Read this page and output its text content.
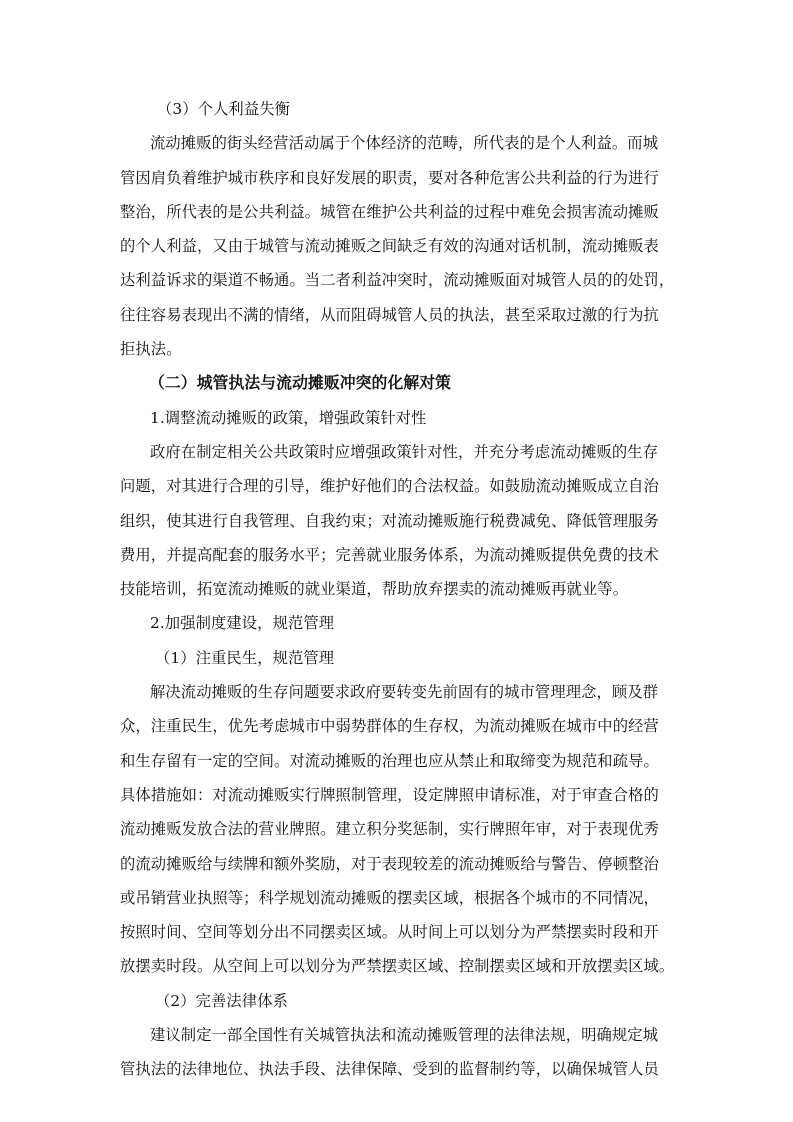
（3）个人利益失衡
流动摊贩的街头经营活动属于个体经济的范畴，所代表的是个人利益。而城
管因肩负着维护城市秩序和良好发展的职责，要对各种危害公共利益的行为进行
整治，所代表的是公共利益。城管在维护公共利益的过程中难免会损害流动摊贩
的个人利益，又由于城管与流动摊贩之间缺乏有效的沟通对话机制，流动摊贩表
达利益诉求的渠道不畅通。当二者利益冲突时，流动摊贩面对城管人员的的处罚，
往往容易表现出不满的情绪，从而阻碍城管人员的执法，甚至采取过激的行为抗
拒执法。
（二）城管执法与流动摊贩冲突的化解对策
1.调整流动摊贩的政策，增强政策针对性
政府在制定相关公共政策时应增强政策针对性，并充分考虑流动摊贩的生存
问题，对其进行合理的引导，维护好他们的合法权益。如鼓励流动摊贩成立自治
组织，使其进行自我管理、自我约束；对流动摊贩施行税费减免、降低管理服务
费用，并提高配套的服务水平；完善就业服务体系，为流动摊贩提供免费的技术
技能培训，拓宽流动摊贩的就业渠道，帮助放弃摆卖的流动摊贩再就业等。
2.加强制度建设，规范管理
（1）注重民生，规范管理
解决流动摊贩的生存问题要求政府要转变先前固有的城市管理理念，顾及群
众，注重民生，优先考虑城市中弱势群体的生存权，为流动摊贩在城市中的经营
和生存留有一定的空间。对流动摊贩的治理也应从禁止和取缔变为规范和疏导。
具体措施如：对流动摊贩实行牌照制管理，设定牌照申请标准，对于审查合格的
流动摊贩发放合法的营业牌照。建立积分奖惩制，实行牌照年审，对于表现优秀
的流动摊贩给与续牌和额外奖励，对于表现较差的流动摊贩给与警告、停顿整治
或吊销营业执照等；科学规划流动摊贩的摆卖区域，根据各个城市的不同情况，
按照时间、空间等划分出不同摆卖区域。从时间上可以划分为严禁摆卖时段和开
放摆卖时段。从空间上可以划分为严禁摆卖区域、控制摆卖区域和开放摆卖区域。
（2）完善法律体系
建议制定一部全国性有关城管执法和流动摊贩管理的法律法规，明确规定城
管执法的法律地位、执法手段、法律保障、受到的监督制约等，以确保城管人员
